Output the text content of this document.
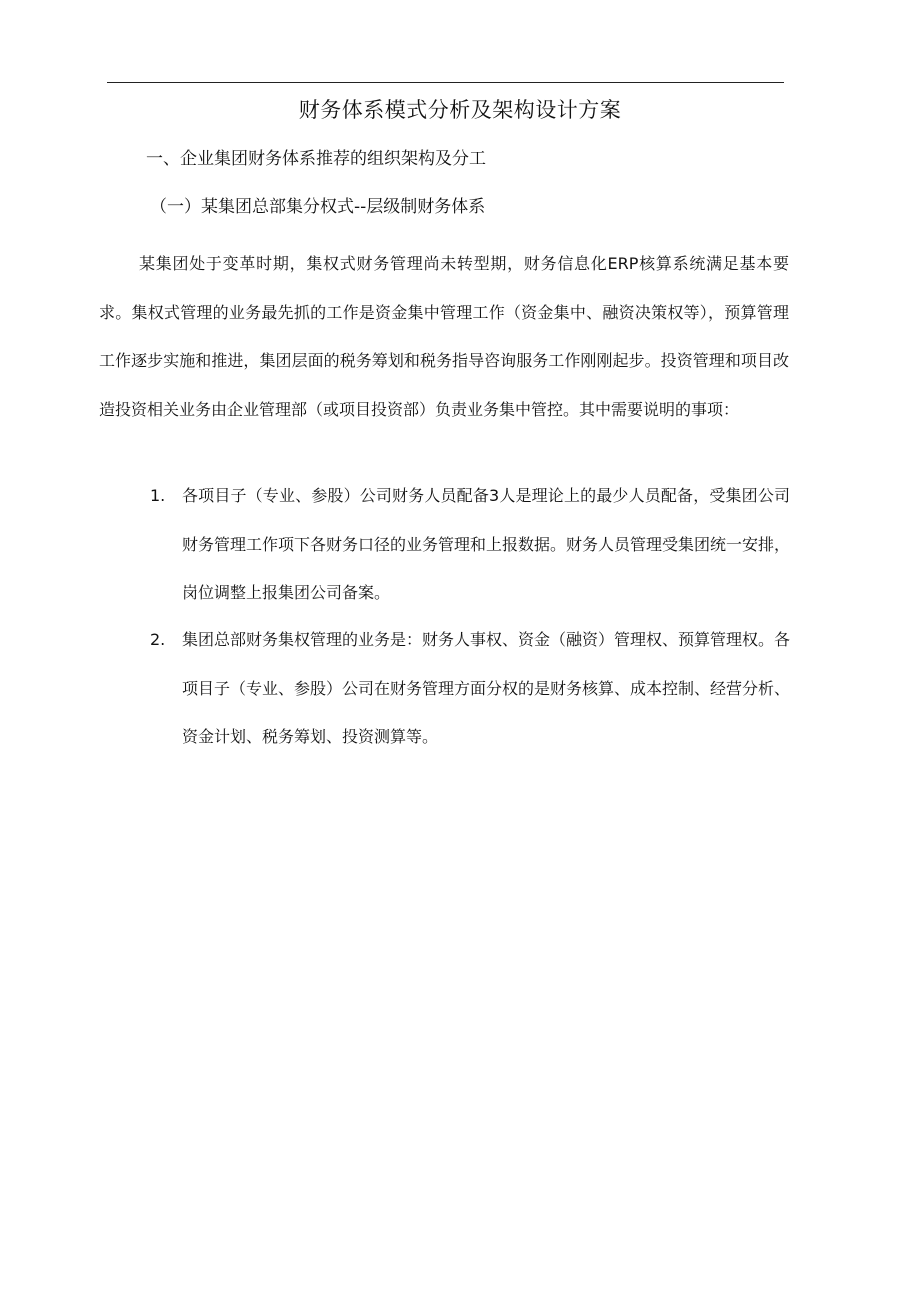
财务体系模式分析及架构设计方案
一、企业集团财务体系推荐的组织架构及分工
（一）某集团总部集分权式--层级制财务体系

某集团处于变革时期，集权式财务管理尚未转型期，财务信息化ERP核算系统满足基本要求。集权式管理的业务最先抓的工作是资金集中管理工作（资金集中、融资决策权等），预算管理工作逐步实施和推进，集团层面的税务筹划和税务指导咨询服务工作刚刚起步。投资管理和项目改造投资相关业务由企业管理部（或项目投资部）负责业务集中管控。其中需要说明的事项：

1. 各项目子（专业、参股）公司财务人员配备3人是理论上的最少人员配备，受集团公司财务管理工作项下各财务口径的业务管理和上报数据。财务人员管理受集团统一安排，岗位调整上报集团公司备案。
2. 集团总部财务集权管理的业务是：财务人事权、资金（融资）管理权、预算管理权。各项目子（专业、参股）公司在财务管理方面分权的是财务核算、成本控制、经营分析、资金计划、税务筹划、投资测算等。
